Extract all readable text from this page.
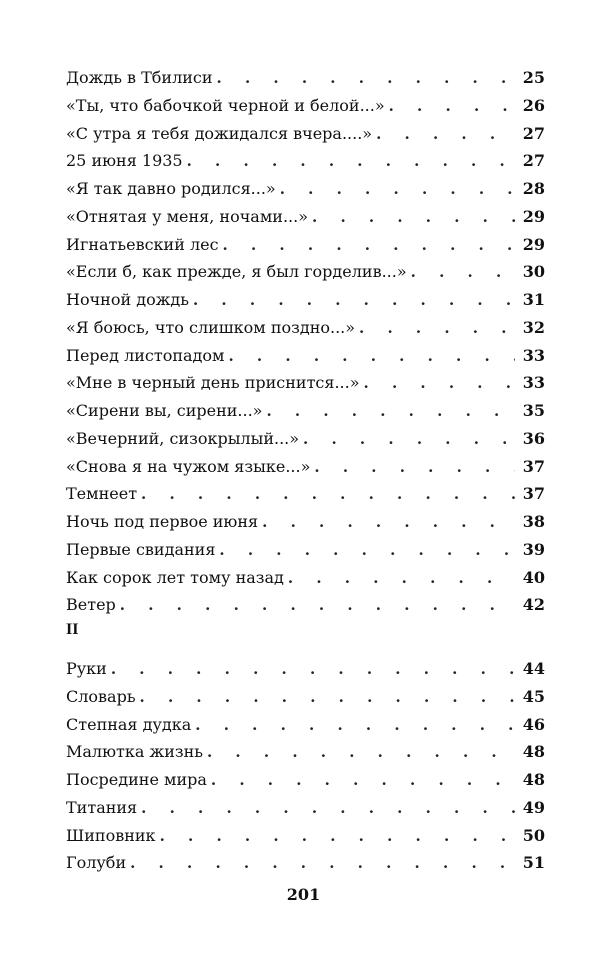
Дождь в Тбилиси . . .	25
«Ты, что бабочкой черной и белой...» . . .	26
«С утра я тебя дожидался вчера....» . . .	27
25 июня 1935 . . .	27
«Я так давно родился...» . . .	28
«Отнятая у меня, ночами...» . . .	29
Игнатьевский лес . . .	29
«Если б, как прежде, я был горделив...» . . .	30
Ночной дождь . . .	31
«Я боюсь, что слишком поздно...» . . .	32
Перед листопадом . . .	33
«Мне в черный день приснится...» . . .	33
«Сирени вы, сирени...» . . .	35
«Вечерний, сизокрылый...» . . .	36
«Снова я на чужом языке...» . . .	37
Темнеет . . .	37
Ночь под первое июня . . .	38
Первые свидания . . .	39
Как сорок лет тому назад . . .	40
Ветер . . .	42
II
Руки . . .	44
Словарь . . .	45
Степная дудка . . .	46
Малютка жизнь . . .	48
Посредине мира . . .	48
Титания . . .	49
Шиповник . . .	50
Голуби . . .	51
201
